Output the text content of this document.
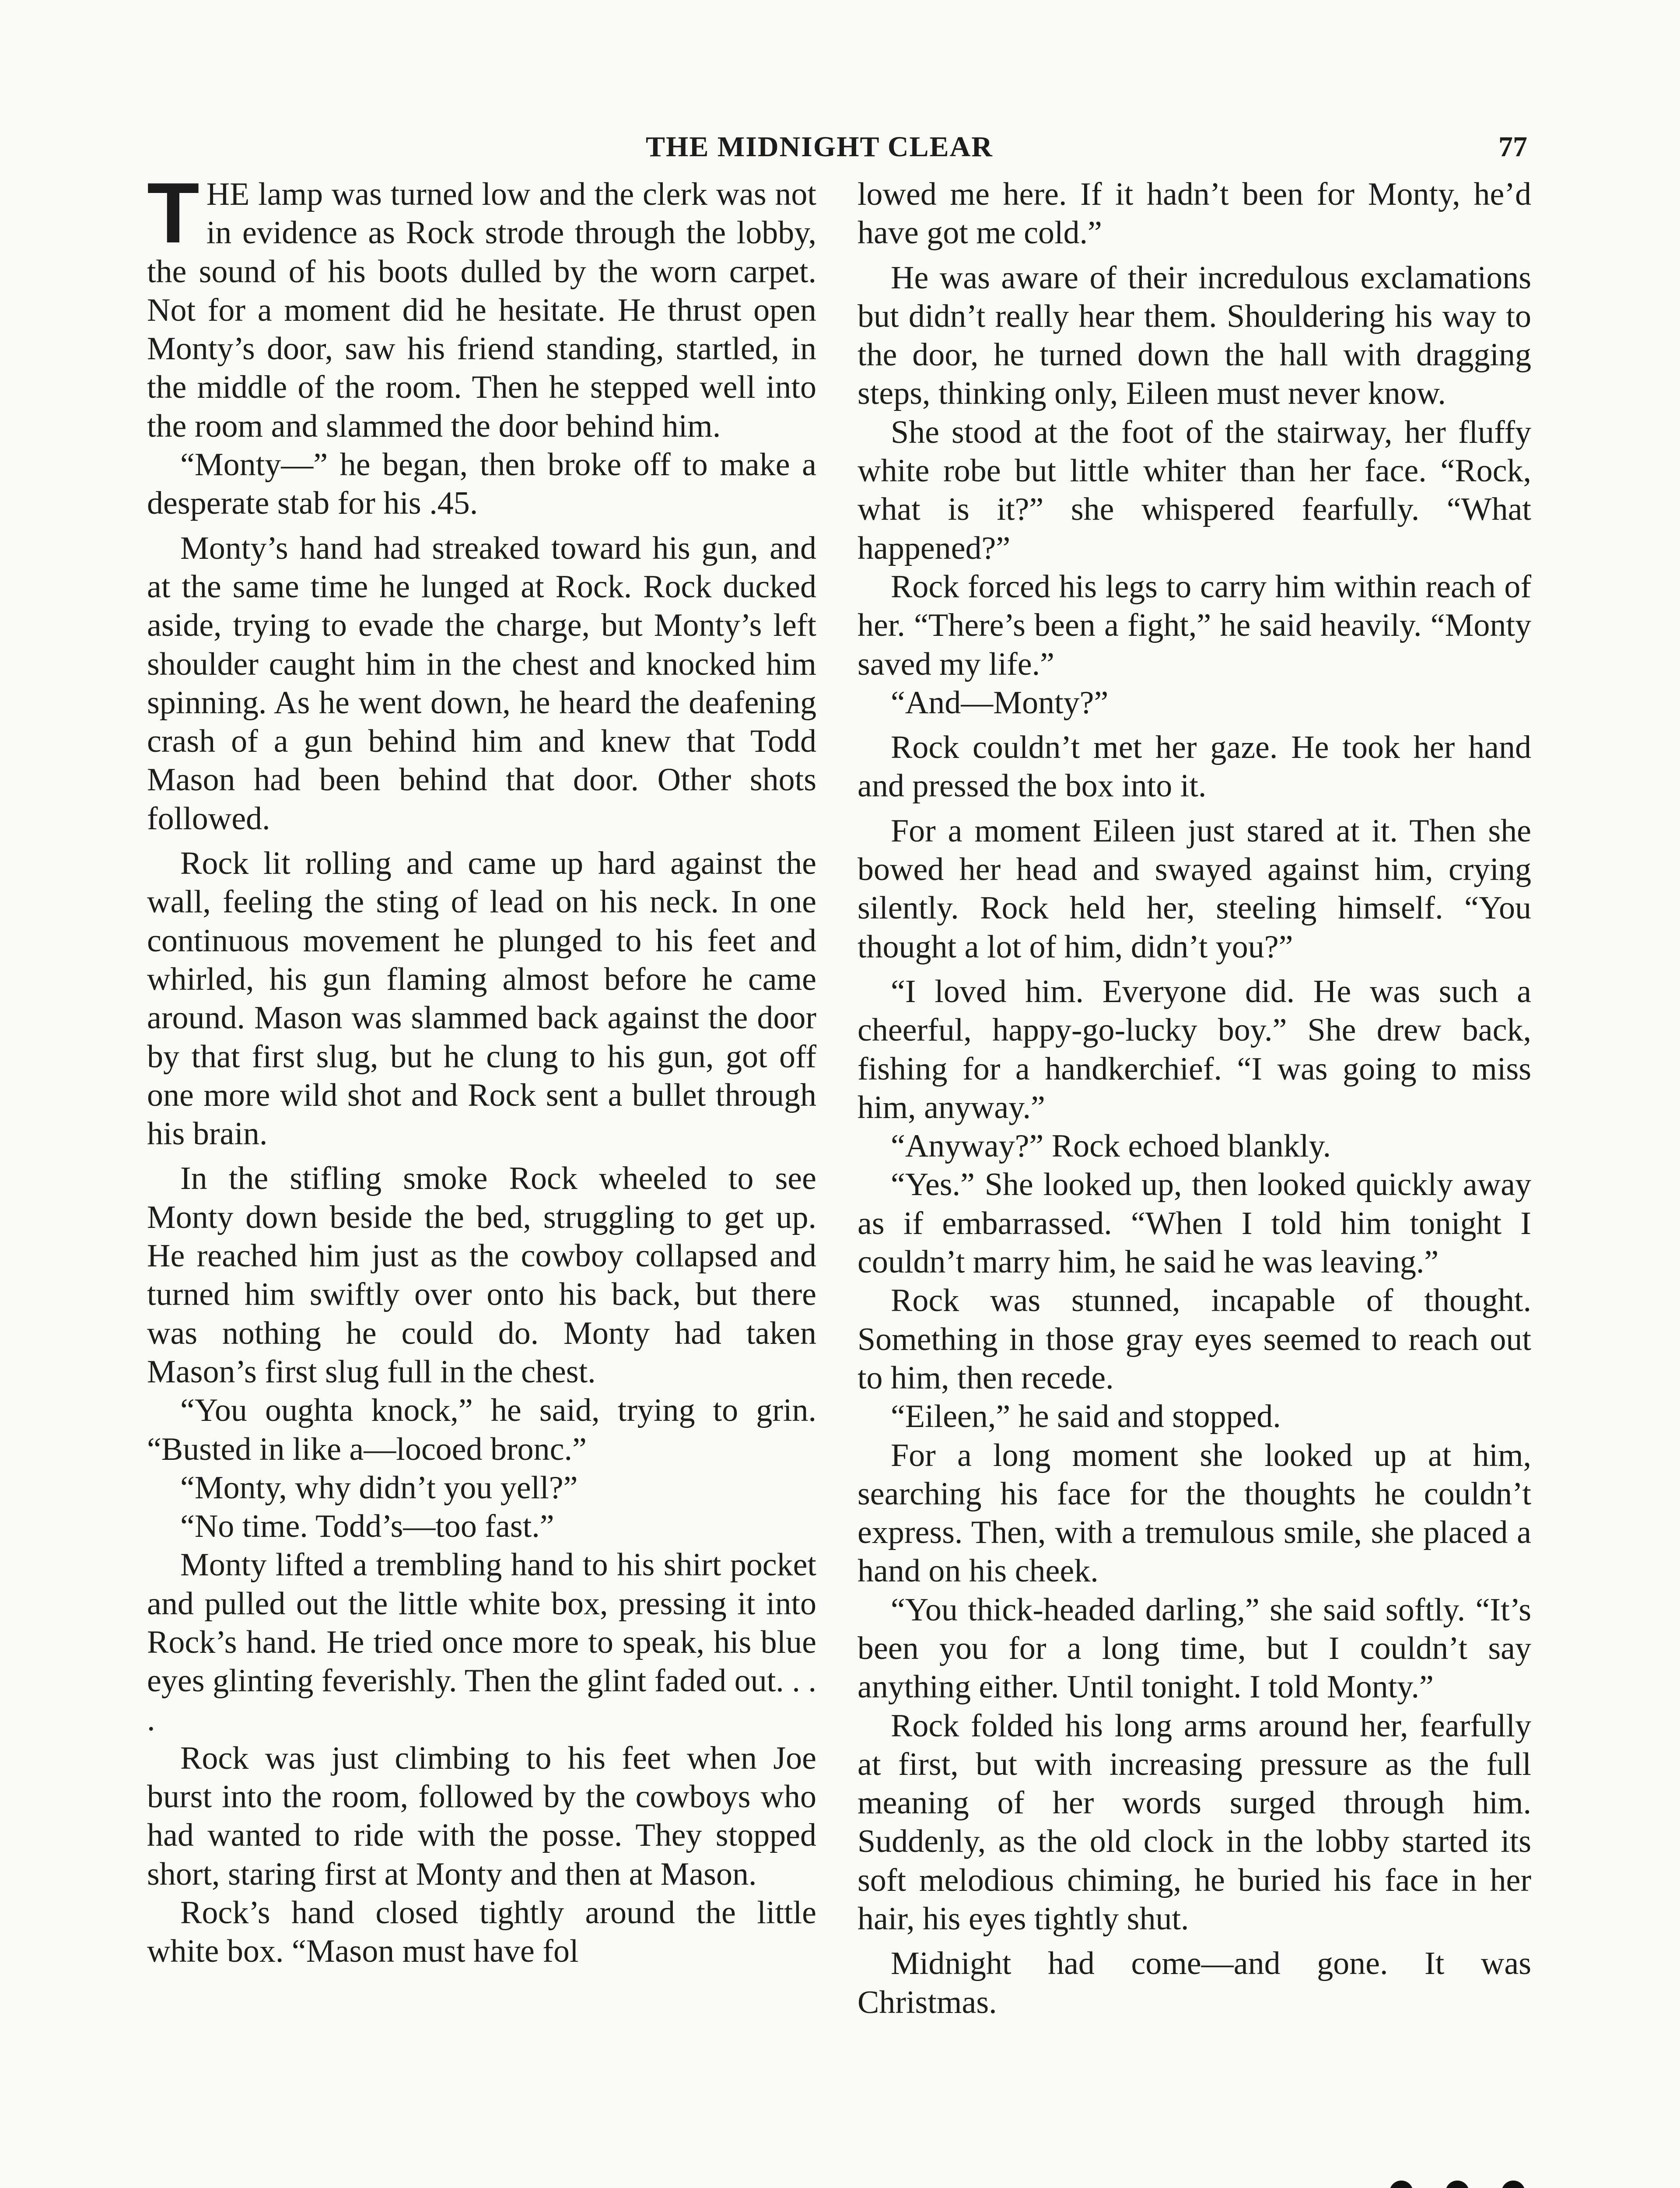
THE MIDNIGHT CLEAR	77

THE lamp was turned low and the clerk was not in evidence as Rock strode through the lobby, the sound of his boots dulled by the worn carpet. Not for a moment did he hesitate. He thrust open Monty’s door, saw his friend standing, startled, in the middle of the room. Then he stepped well into the room and slammed the door behind him.

“Monty—” he began, then broke off to make a desperate stab for his .45.

Monty’s hand had streaked toward his gun, and at the same time he lunged at Rock. Rock ducked aside, trying to evade the charge, but Monty’s left shoulder caught him in the chest and knocked him spinning. As he went down, he heard the deafening crash of a gun behind him and knew that Todd Mason had been behind that door. Other shots followed.

Rock lit rolling and came up hard against the wall, feeling the sting of lead on his neck. In one continuous movement he plunged to his feet and whirled, his gun flaming almost before he came around. Mason was slammed back against the door by that first slug, but he clung to his gun, got off one more wild shot and Rock sent a bullet through his brain.

In the stifling smoke Rock wheeled to see Monty down beside the bed, struggling to get up. He reached him just as the cowboy collapsed and turned him swiftly over onto his back, but there was nothing he could do. Monty had taken Mason’s first slug full in the chest.

“You oughta knock,” he said, trying to grin. “Busted in like a—locoed bronc.”

“Monty, why didn’t you yell?”

“No time. Todd’s—too fast.”

Monty lifted a trembling hand to his shirt pocket and pulled out the little white box, pressing it into Rock’s hand. He tried once more to speak, his blue eyes glinting feverishly. Then the glint faded out. . . .

Rock was just climbing to his feet when Joe burst into the room, followed by the cowboys who had wanted to ride with the posse. They stopped short, staring first at Monty and then at Mason.

Rock’s hand closed tightly around the little white box. “Mason must have fol

lowed me here. If it hadn’t been for Monty, he’d have got me cold.”

He was aware of their incredulous exclamations but didn’t really hear them. Shouldering his way to the door, he turned down the hall with dragging steps, thinking only, Eileen must never know.

She stood at the foot of the stairway, her fluffy white robe but little whiter than her face. “Rock, what is it?” she whispered fearfully. “What happened?”

Rock forced his legs to carry him within reach of her. “There’s been a fight,” he said heavily. “Monty saved my life.”

“And—Monty?”

Rock couldn’t met her gaze. He took her hand and pressed the box into it.

For a moment Eileen just stared at it. Then she bowed her head and swayed against him, crying silently. Rock held her, steeling himself. “You thought a lot of him, didn’t you?”

“I loved him. Everyone did. He was such a cheerful, happy-go-lucky boy.” She drew back, fishing for a handkerchief. “I was going to miss him, anyway.”

“Anyway?” Rock echoed blankly.

“Yes.” She looked up, then looked quickly away as if embarrassed. “When I told him tonight I couldn’t marry him, he said he was leaving.”

Rock was stunned, incapable of thought. Something in those gray eyes seemed to reach out to him, then recede.

“Eileen,” he said and stopped.

For a long moment she looked up at him, searching his face for the thoughts he couldn’t express. Then, with a tremulous smile, she placed a hand on his cheek.

“You thick-headed darling,” she said softly. “It’s been you for a long time, but I couldn’t say anything either. Until tonight. I told Monty.”

Rock folded his long arms around her, fearfully at first, but with increasing pressure as the full meaning of her words surged through him. Suddenly, as the old clock in the lobby started its soft melodious chiming, he buried his face in her hair, his eyes tightly shut.

Midnight had come—and gone. It was Christmas.
